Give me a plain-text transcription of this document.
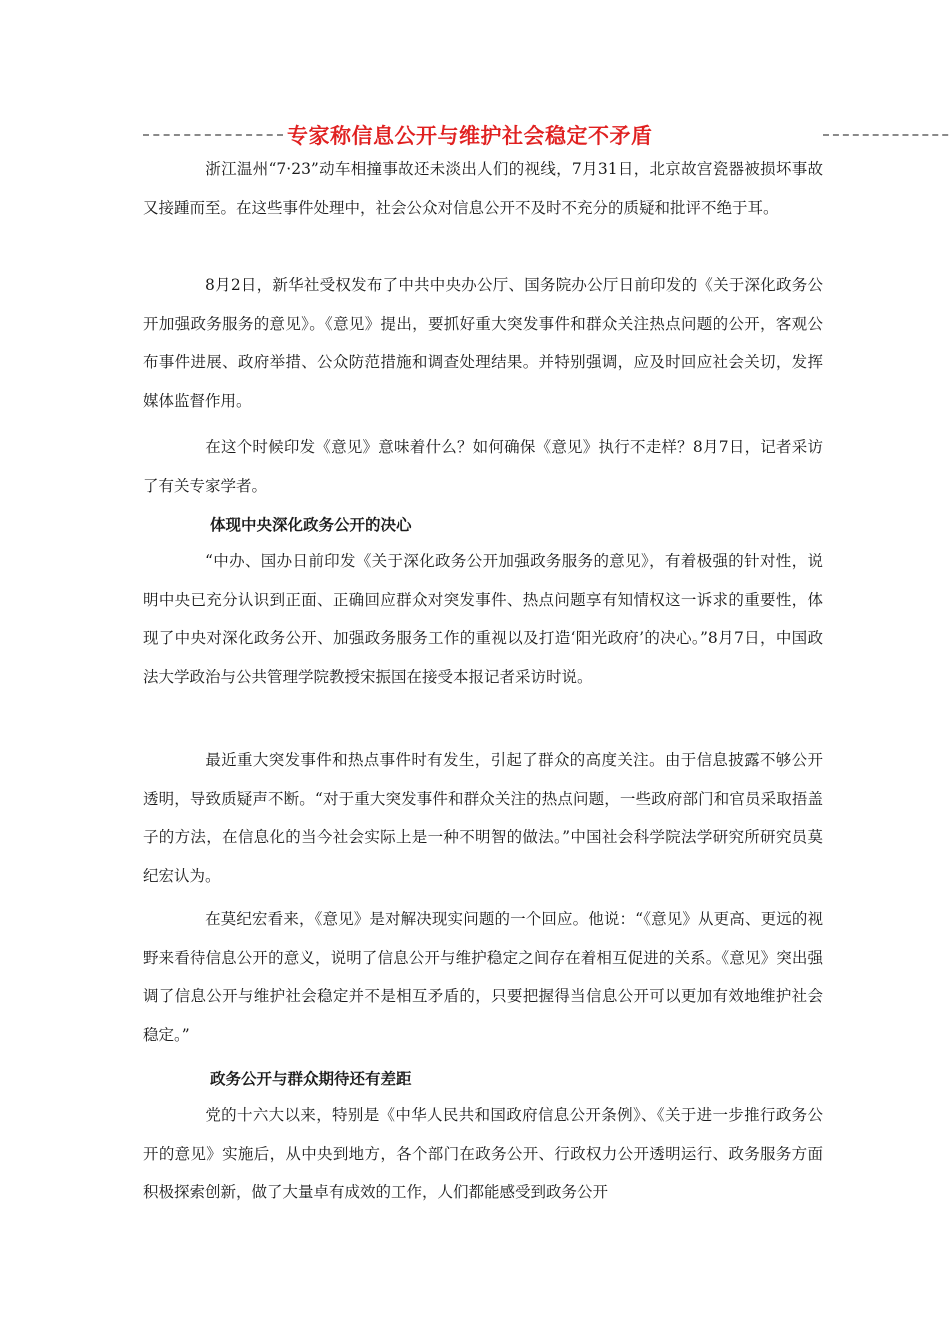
专家称信息公开与维护社会稳定不矛盾
浙江温州“7·23”动车相撞事故还未淡出人们的视线，7月31日，北京故宫瓷器被损坏事故又接踵而至。在这些事件处理中，社会公众对信息公开不及时不充分的质疑和批评不绝于耳。
8月2日，新华社受权发布了中共中央办公厅、国务院办公厅日前印发的《关于深化政务公开加强政务服务的意见》。《意见》提出，要抓好重大突发事件和群众关注热点问题的公开，客观公布事件进展、政府举措、公众防范措施和调查处理结果。并特别强调，应及时回应社会关切，发挥媒体监督作用。
在这个时候印发《意见》意味着什么？如何确保《意见》执行不走样？8月7日，记者采访了有关专家学者。
体现中央深化政务公开的决心
“中办、国办日前印发《关于深化政务公开加强政务服务的意见》，有着极强的针对性，说明中央已充分认识到正面、正确回应群众对突发事件、热点问题享有知情权这一诉求的重要性，体现了中央对深化政务公开、加强政务服务工作的重视以及打造‘阳光政府’的决心。”8月7日，中国政法大学政治与公共管理学院教授宋振国在接受本报记者采访时说。
最近重大突发事件和热点事件时有发生，引起了群众的高度关注。由于信息披露不够公开透明，导致质疑声不断。“对于重大突发事件和群众关注的热点问题，一些政府部门和官员采取捂盖子的方法，在信息化的当今社会实际上是一种不明智的做法。”中国社会科学院法学研究所研究员莫纪宏认为。
在莫纪宏看来，《意见》是对解决现实问题的一个回应。他说：“《意见》从更高、更远的视野来看待信息公开的意义，说明了信息公开与维护稳定之间存在着相互促进的关系。《意见》突出强调了信息公开与维护社会稳定并不是相互矛盾的，只要把握得当信息公开可以更加有效地维护社会稳定。”
政务公开与群众期待还有差距
党的十六大以来，特别是《中华人民共和国政府信息公开条例》、《关于进一步推行政务公开的意见》实施后，从中央到地方，各个部门在政务公开、行政权力公开透明运行、政务服务方面积极探索创新，做了大量卓有成效的工作，人们都能感受到政务公开
